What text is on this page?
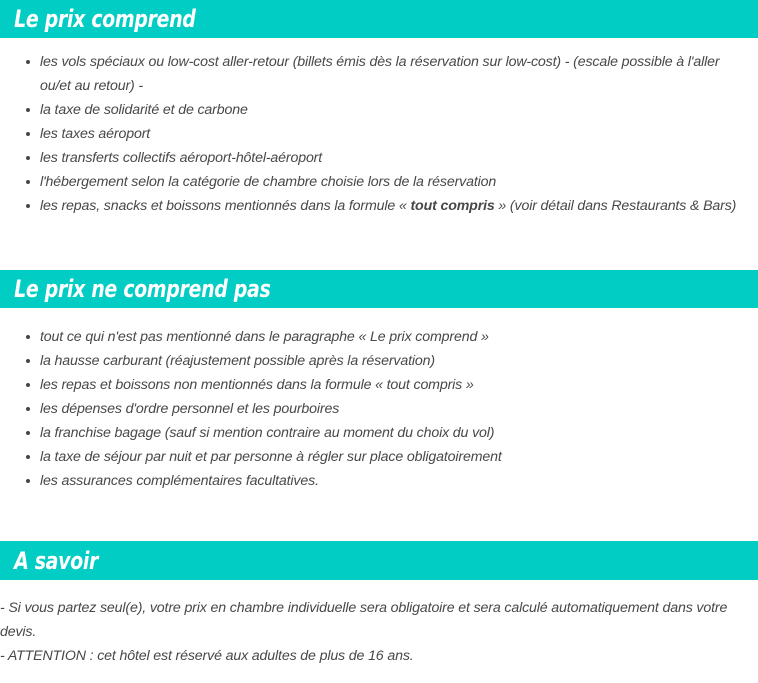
Le prix comprend
les vols spéciaux ou low-cost aller-retour (billets émis dès la réservation sur low-cost) - (escale possible à l'aller ou/et au retour) -
la taxe de solidarité et de carbone
les taxes aéroport
les transferts collectifs aéroport-hôtel-aéroport
l'hébergement selon la catégorie de chambre choisie lors de la réservation
les repas, snacks et boissons mentionnés dans la formule « tout compris » (voir détail dans Restaurants & Bars)
Le prix ne comprend pas
tout ce qui n'est pas mentionné dans le paragraphe « Le prix comprend »
la hausse carburant (réajustement possible après la réservation)
les repas et boissons non mentionnés dans la formule « tout compris »
les dépenses d'ordre personnel et les pourboires
la franchise bagage (sauf si mention contraire au moment du choix du vol)
la taxe de séjour par nuit et par personne à régler sur place obligatoirement
les assurances complémentaires facultatives.
A savoir
- Si vous partez seul(e), votre prix en chambre individuelle sera obligatoire et sera calculé automatiquement dans votre devis.
- ATTENTION : cet hôtel est réservé aux adultes de plus de 16 ans.
